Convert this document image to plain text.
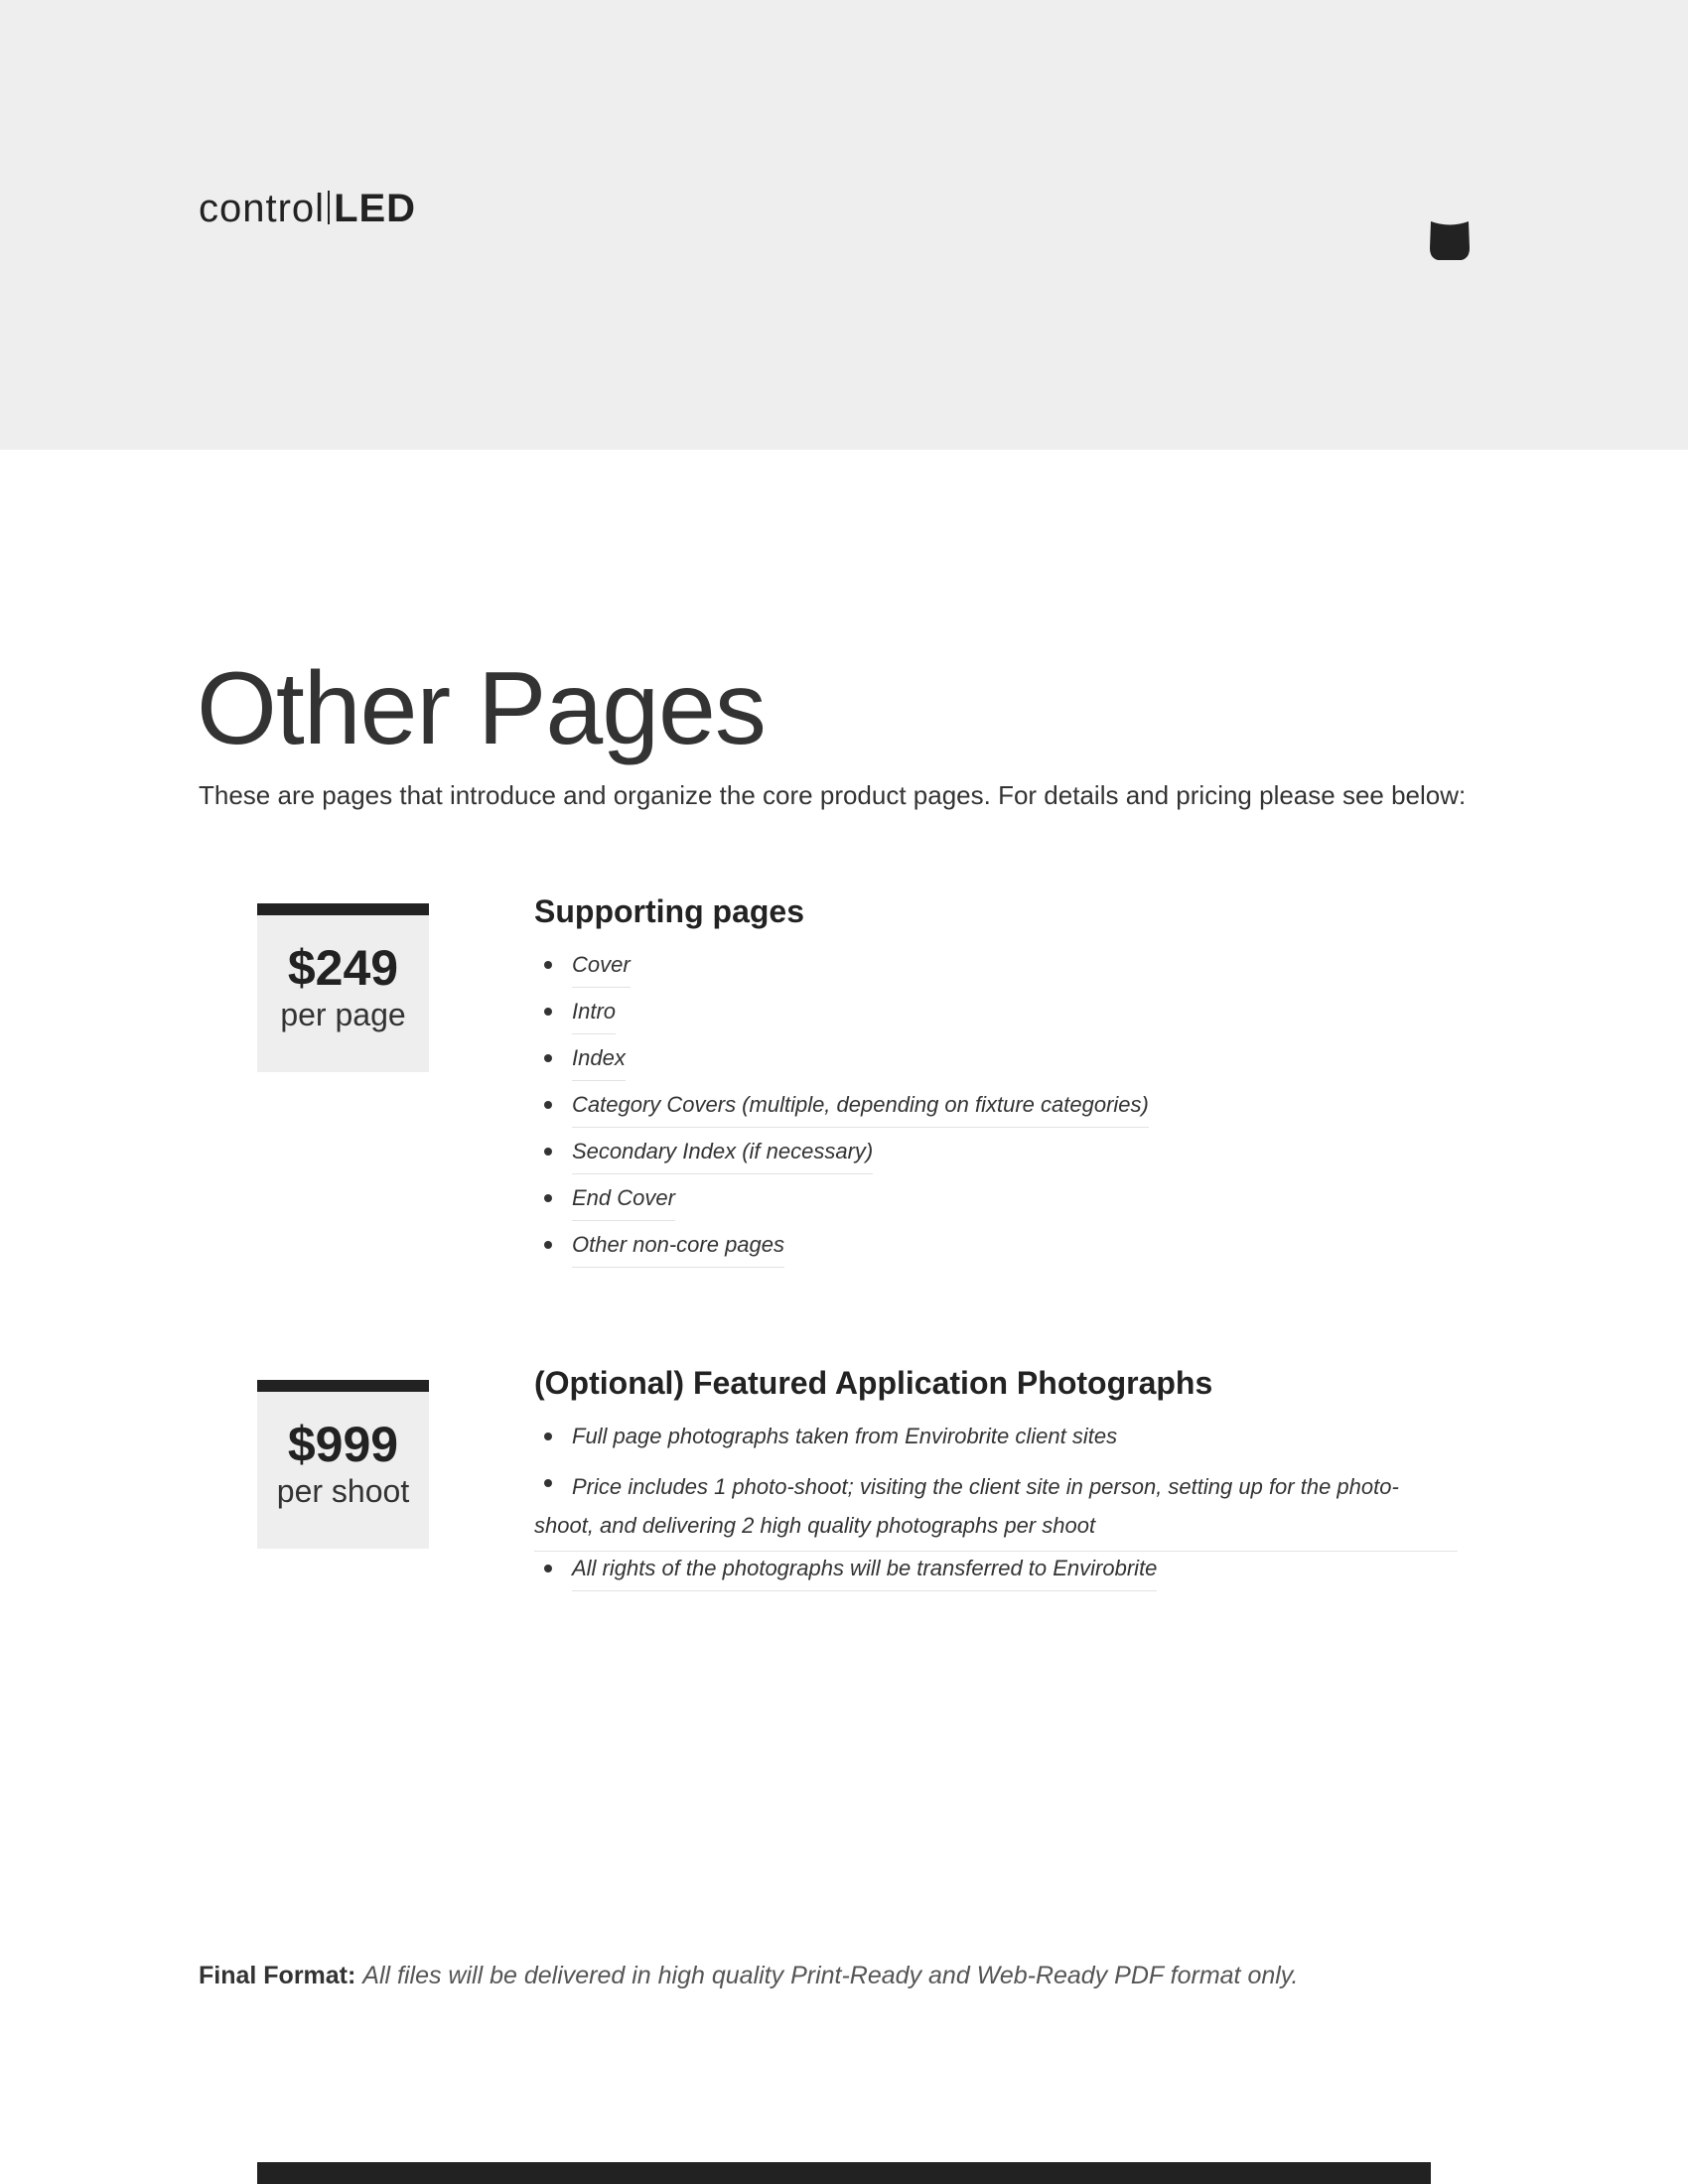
control LED
Other Pages
These are pages that introduce and organize the core product pages. For details and pricing please see below:
$249
per page
Supporting pages
Cover
Intro
Index
Category Covers (multiple, depending on fixture categories)
Secondary Index (if necessary)
End Cover
Other non-core pages
$999
per shoot
(Optional) Featured Application Photographs
Full page photographs taken from Envirobrite client sites
Price includes 1 photo-shoot; visiting the client site in person, setting up for the photo-shoot, and delivering 2 high quality photographs per shoot
All rights of the photographs will be transferred to Envirobrite
Final Format: All files will be delivered in high quality Print-Ready and Web-Ready PDF format only.
